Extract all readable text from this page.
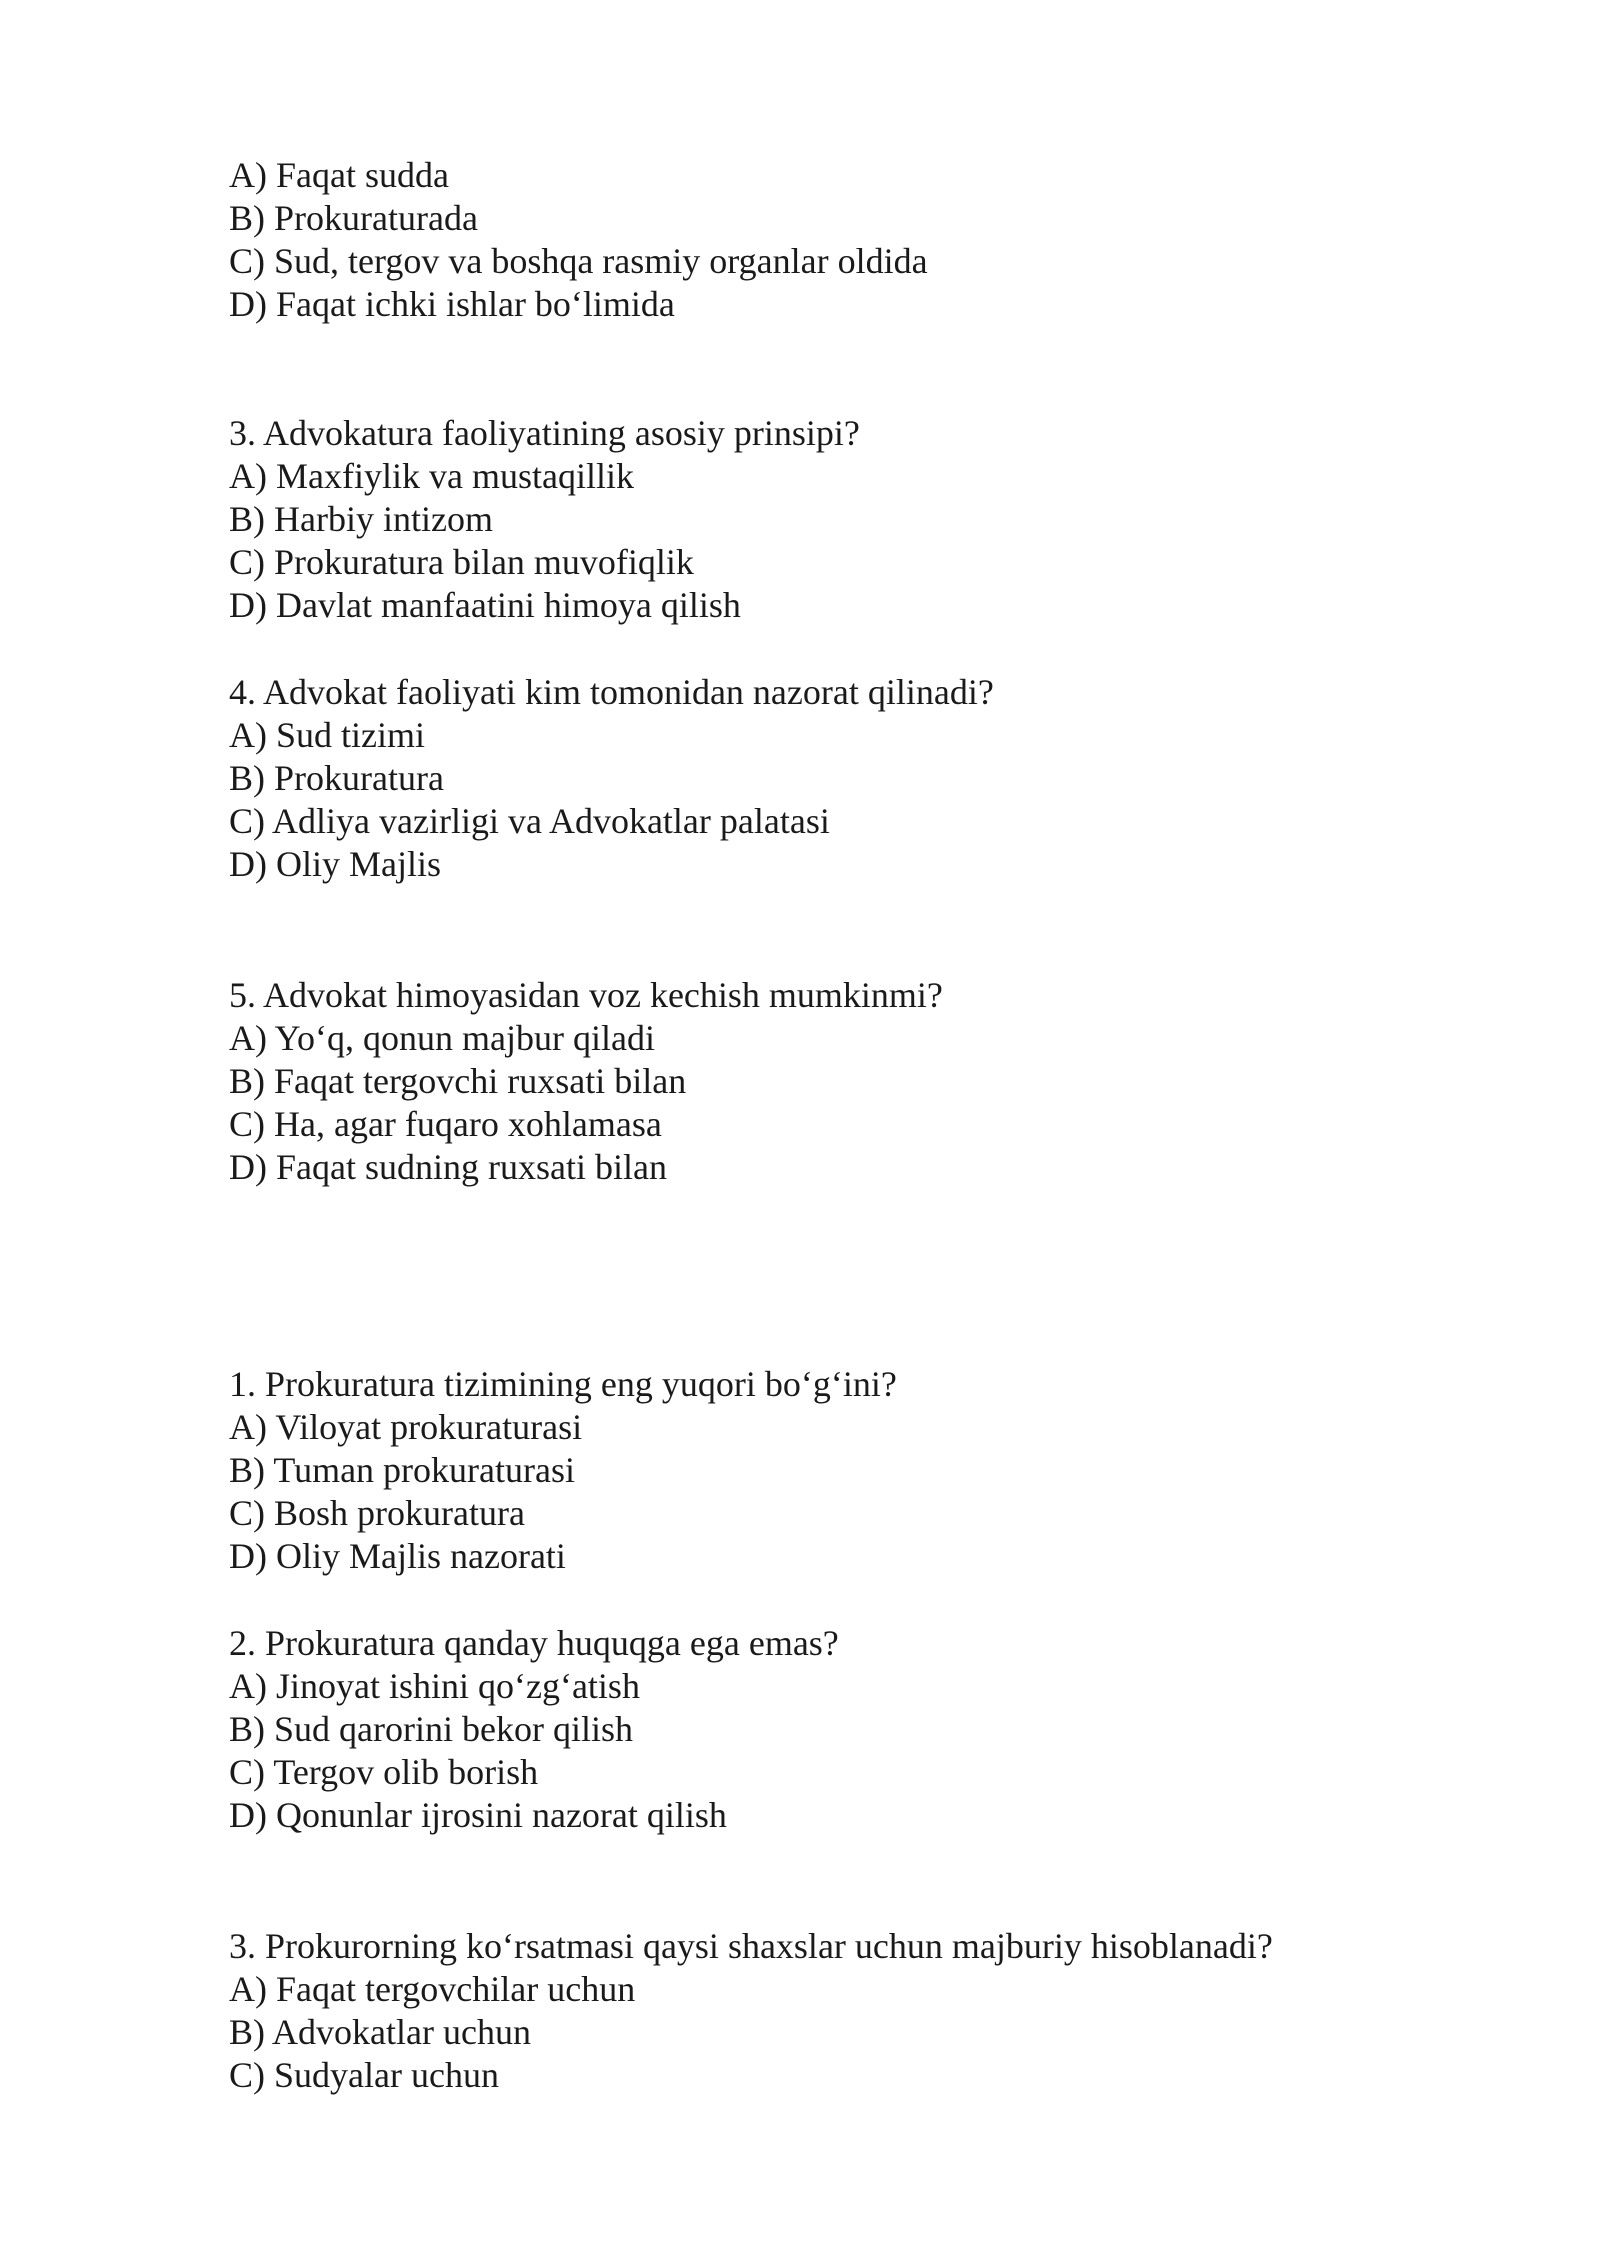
A) Faqat sudda
B) Prokuraturada
C) Sud, tergov va boshqa rasmiy organlar oldida
D) Faqat ichki ishlar bo‘limida
3. Advokatura faoliyatining asosiy prinsipi?
A) Maxfiylik va mustaqillik
B) Harbiy intizom
C) Prokuratura bilan muvofiqlik
D) Davlat manfaatini himoya qilish
4. Advokat faoliyati kim tomonidan nazorat qilinadi?
A) Sud tizimi
B) Prokuratura
C) Adliya vazirligi va Advokatlar palatasi
D) Oliy Majlis
5. Advokat himoyasidan voz kechish mumkinmi?
A) Yo‘q, qonun majbur qiladi
B) Faqat tergovchi ruxsati bilan
C) Ha, agar fuqaro xohlamasa
D) Faqat sudning ruxsati bilan
1. Prokuratura tizimining eng yuqori bo‘g‘ini?
A) Viloyat prokuraturasi
B) Tuman prokuraturasi
C) Bosh prokuratura
D) Oliy Majlis nazorati
2. Prokuratura qanday huquqga ega emas?
A) Jinoyat ishini qo‘zg‘atish
B) Sud qarorini bekor qilish
C) Tergov olib borish
D) Qonunlar ijrosini nazorat qilish
3. Prokurorning ko‘rsatmasi qaysi shaxslar uchun majburiy hisoblanadi?
A) Faqat tergovchilar uchun
B) Advokatlar uchun
C) Sudyalar uchun
